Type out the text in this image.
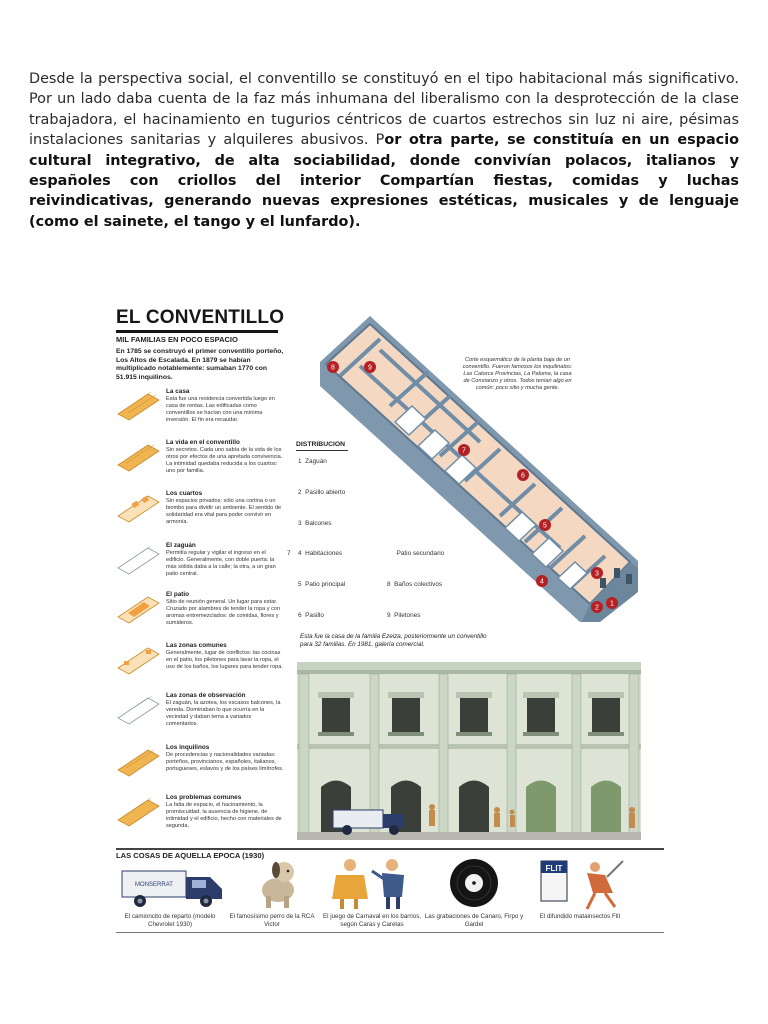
Desde la perspectiva social, el conventillo se constituyó en el tipo habitacional más significativo. Por un lado daba cuenta de la faz más inhumana del liberalismo con la desprotección de la clase trabajadora, el hacinamiento en tugurios céntricos de cuartos estrechos sin luz ni aire, pésimas instalaciones sanitarias y alquileres abusivos. Por otra parte, se constituía en un espacio cultural integrativo, de alta sociabilidad, donde convivían polacos, italianos y españoles con criollos del interior Compartían fiestas, comidas y luchas reivindicativas, generando nuevas expresiones estéticas, musicales y de lenguaje (como el sainete, el tango y el lunfardo).
EL CONVENTILLO
MIL FAMILIAS EN POCO ESPACIO
En 1785 se construyó el primer conventillo porteño, Los Altos de Escalada. En 1879 se habían multiplicado notablemente: sumaban 1770 con 51.915 inquilinos.
La casa
Esta fue una residencia convertida luego en casa de rentas. Las edificadas como conventillos se hacían con una mínima inversión. El fin era recaudar.
La vida en el conventillo
Sin secretos. Cada uno sabía de la vida de los otros por efectos de una apretada convivencia. La intimidad quedaba reducida a los cuartos: uno por familia.
Los cuartos
Sin espacios privados: sólo una cortina o un biombo para dividir un ambiente. El sentido de solidaridad era vital para poder convivir en armonía.
El zaguán
Permitía regular y vigilar el ingreso en el edificio. Generalmente, con doble puerta: la más sólida daba a la calle; la otra, a un gran patio central.
El patio
Sitio de reunión general. Un lugar para estar. Cruzado por alambres de tender la ropa y con aromas entremezclados: de comidas, flores y sumideros.
Las zonas comunes
Generalmente, lugar de conflictos: las cocinas en el patio, los piletones para lavar la ropa, el uso de los baños, los lugares para tender ropa.
Las zonas de observación
El zaguán, la azotea, los escasos balcones, la vereda. Dominaban lo que ocurría en la vecindad y daban tema a variados comentarios.
Los inquilinos
De procedencias y nacionalidades variadas: porteños, provincianos, españoles, italianos, portugueses, eslavos y de los países limítrofes.
Los problemas comunes
La falta de espacio, el hacinamiento, la promiscuidad, la ausencia de higiene, de intimidad y el edificio, hecho con materiales de segunda.
DISTRIBUCION
1 Zaguán
2 Pasillo abierto
3 Balcones
4 Habitaciones
5 Patio principal
6 Pasillo
7	Patio secundario
8 Baños colectivos
9 Piletones
8	9
7
6
5
4
3
2
1
Corte esquemático de la planta baja de un conventillo. Fueron famosos los inquilinatos: Las Catorce Provincias, La Paloma, la casa de Constanzo y otros. Todos tenían algo en común: poco sitio y mucha gente.
Esta fue la casa de la familia Ezeiza, posteriormente un conventillo para 32 familias. En 1981, galería comercial.
LAS COSAS DE AQUELLA EPOCA (1930)
MONSERRAT
FLIT
El camioncito de reparto (modelo Chevrolet 1930)
El famosísimo perro de la RCA Victor
El juego de Carnaval en los barrios, según Caras y Caretas
Las grabaciones de Canaro, Firpo y Gardel
El difundido matainsectos Flit
